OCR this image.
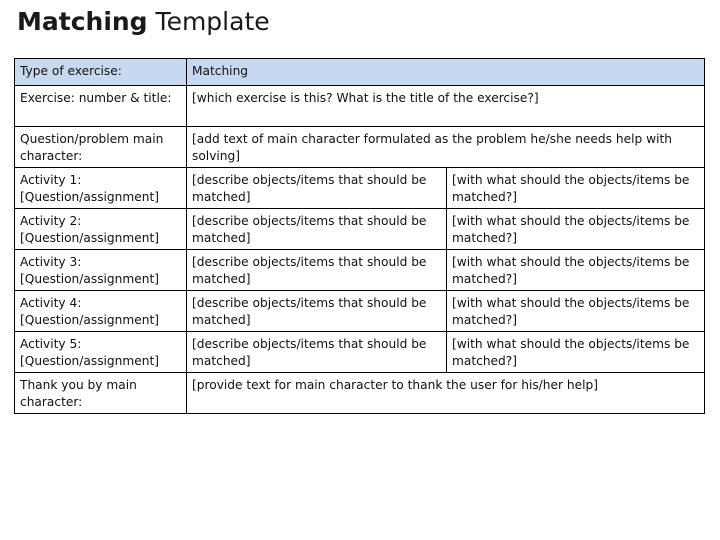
Matching Template
Type of exercise:	Matching	
Exercise: number & title:	[which exercise is this? What is the title of the exercise?]	
Question/problem main character:	[add text of main character formulated as the problem he/she needs help with solving]	
Activity 1: [Question/assignment]	[describe objects/items that should be matched]	[with what should the objects/items be matched?]
Activity 2: [Question/assignment]	[describe objects/items that should be matched]	[with what should the objects/items be matched?]
Activity 3: [Question/assignment]	[describe objects/items that should be matched]	[with what should the objects/items be matched?]
Activity 4: [Question/assignment]	[describe objects/items that should be matched]	[with what should the objects/items be matched?]
Activity 5: [Question/assignment]	[describe objects/items that should be matched]	[with what should the objects/items be matched?]
Thank you by main character:	[provide text for main character to thank the user for his/her help]	
